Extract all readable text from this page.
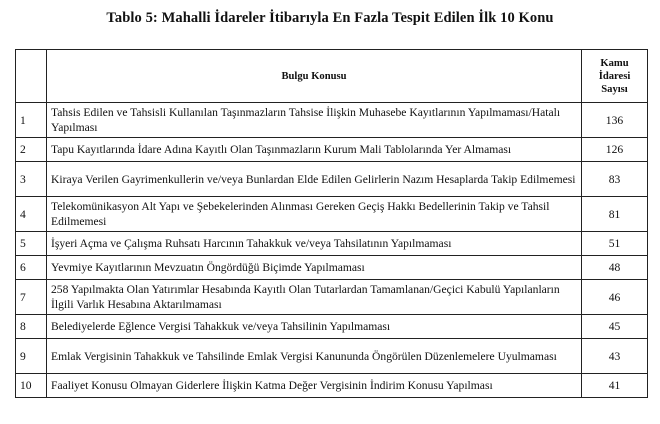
Tablo 5: Mahalli İdareler İtibarıyla En Fazla Tespit Edilen İlk 10 Konu
	Bulgu Konusu	Kamu
İdaresi
Sayısı
1	Tahsis Edilen ve Tahsisli Kullanılan Taşınmazların Tahsise İlişkin Muhasebe Kayıtlarının Yapılmaması/Hatalı Yapılması	136
2	Tapu Kayıtlarında İdare Adına Kayıtlı Olan Taşınmazların Kurum Mali Tablolarında Yer Almaması	126
3	Kiraya Verilen Gayrimenkullerin ve/veya Bunlardan Elde Edilen Gelirlerin Nazım Hesaplarda Takip Edilmemesi	83
4	Telekomünikasyon Alt Yapı ve Şebekelerinden Alınması Gereken Geçiş Hakkı Bedellerinin Takip ve Tahsil Edilmemesi	81
5	İşyeri Açma ve Çalışma Ruhsatı Harcının Tahakkuk ve/veya Tahsilatının Yapılmaması	51
6	Yevmiye Kayıtlarının Mevzuatın Öngördüğü Biçimde Yapılmaması	48
7	258 Yapılmakta Olan Yatırımlar Hesabında Kayıtlı Olan Tutarlardan Tamamlanan/Geçici Kabulü Yapılanların İlgili Varlık Hesabına Aktarılmaması	46
8	Belediyelerde Eğlence Vergisi Tahakkuk ve/veya Tahsilinin Yapılmaması	45
9	Emlak Vergisinin Tahakkuk ve Tahsilinde Emlak Vergisi Kanununda Öngörülen Düzenlemelere Uyulmaması	43
10	Faaliyet Konusu Olmayan Giderlere İlişkin Katma Değer Vergisinin İndirim Konusu Yapılması	41
